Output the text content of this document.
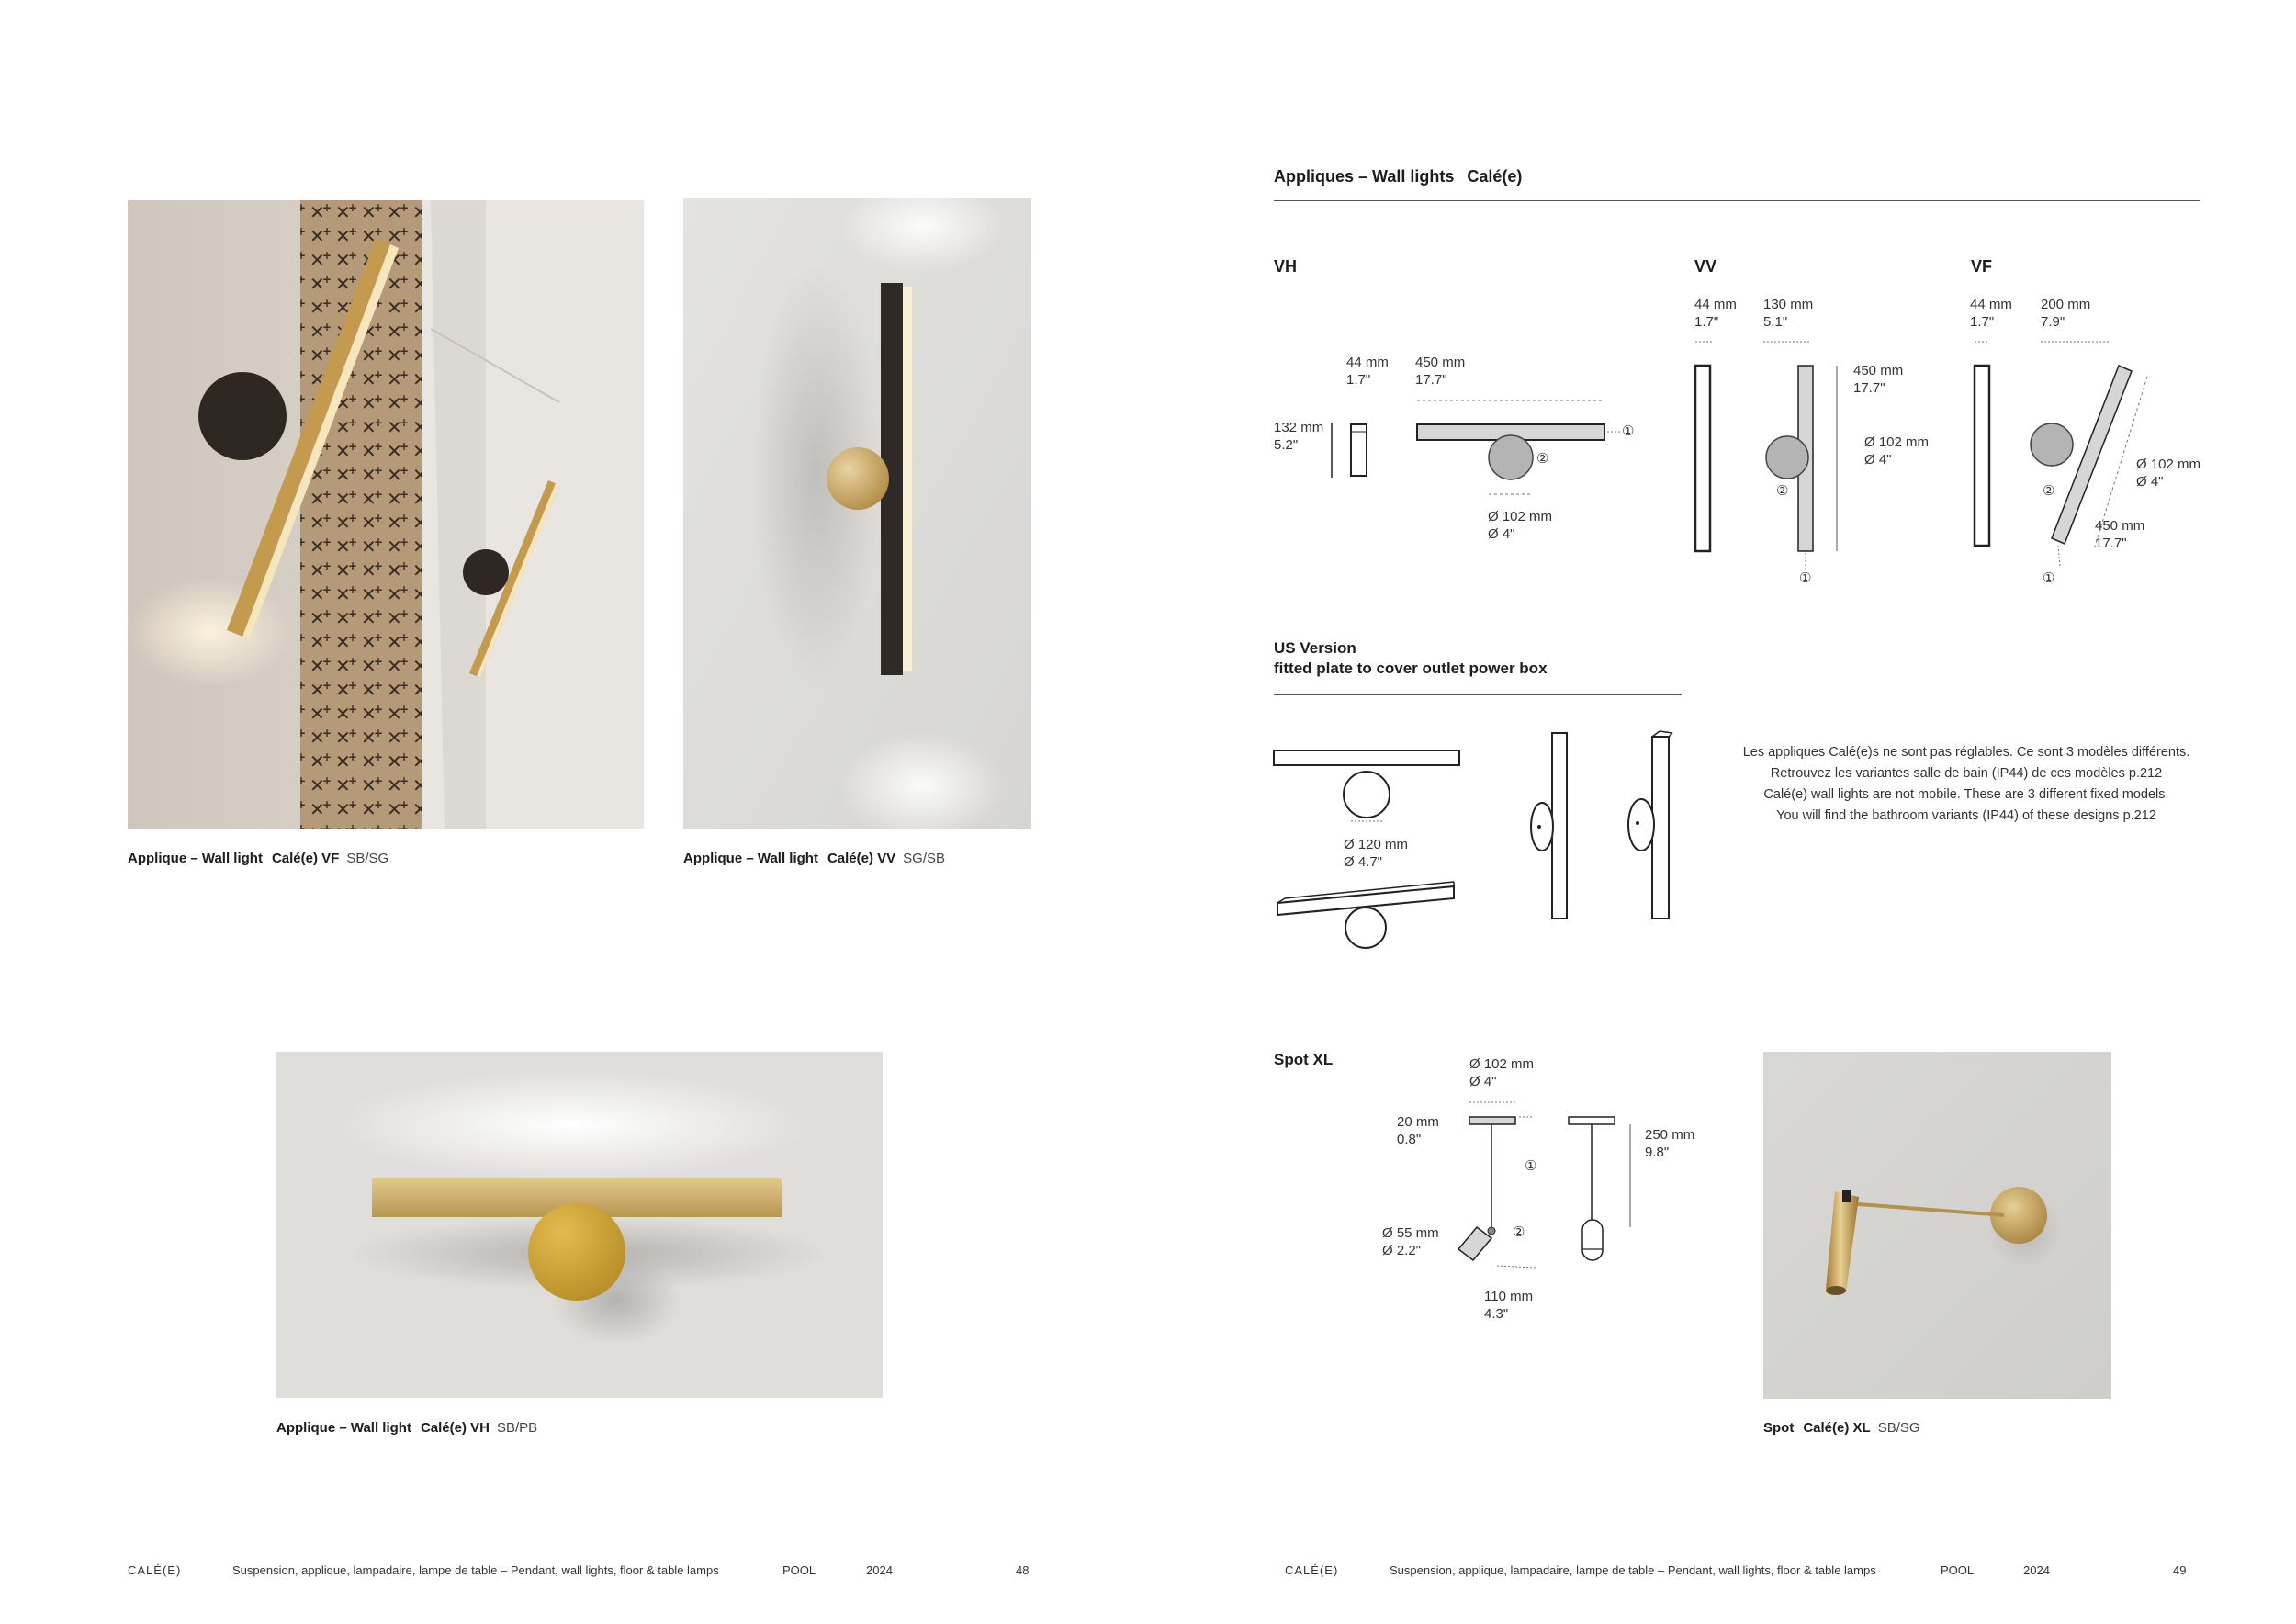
Applique – Wall light Calé(e) VF SB/SG	Applique – Wall light Calé(e) VV SG/SB
Applique – Wall light Calé(e) VH SB/PB
CALÉ(E)	Suspension, applique, lampadaire, lampe de table – Pendant, wall lights, floor & table lamps	POOL	2024	48
Appliques – Wall lights Calé(e)
VH	VV	VF
132 mm
5.2"
44 mm
1.7"
450 mm
17.7"
Ø 102 mm
Ø 4"
①
②
44 mm
1.7"
130 mm
5.1"
450 mm
17.7"
Ø 102 mm
Ø 4"
②
①
44 mm
1.7"
200 mm
7.9"
Ø 102 mm
Ø 4"
450 mm
17.7"
②
①
US Version
fitted plate to cover outlet power box
Ø 120 mm
Ø 4.7"
Les appliques Calé(e)s ne sont pas réglables. Ce sont 3 modèles différents.
Retrouvez les variantes salle de bain (IP44) de ces modèles p.212
Calé(e) wall lights are not mobile. These are 3 different fixed models.
You will find the bathroom variants (IP44) of these designs p.212
Spot XL	Ø 102 mm
Ø 4"
20 mm
0.8"	250 mm
9.8"
Ø 55 mm
Ø 2.2"
110 mm
4.3"
①
②
Spot Calé(e) XL SB/SG
CALÉ(E)	Suspension, applique, lampadaire, lampe de table – Pendant, wall lights, floor & table lamps	POOL	2024	49
